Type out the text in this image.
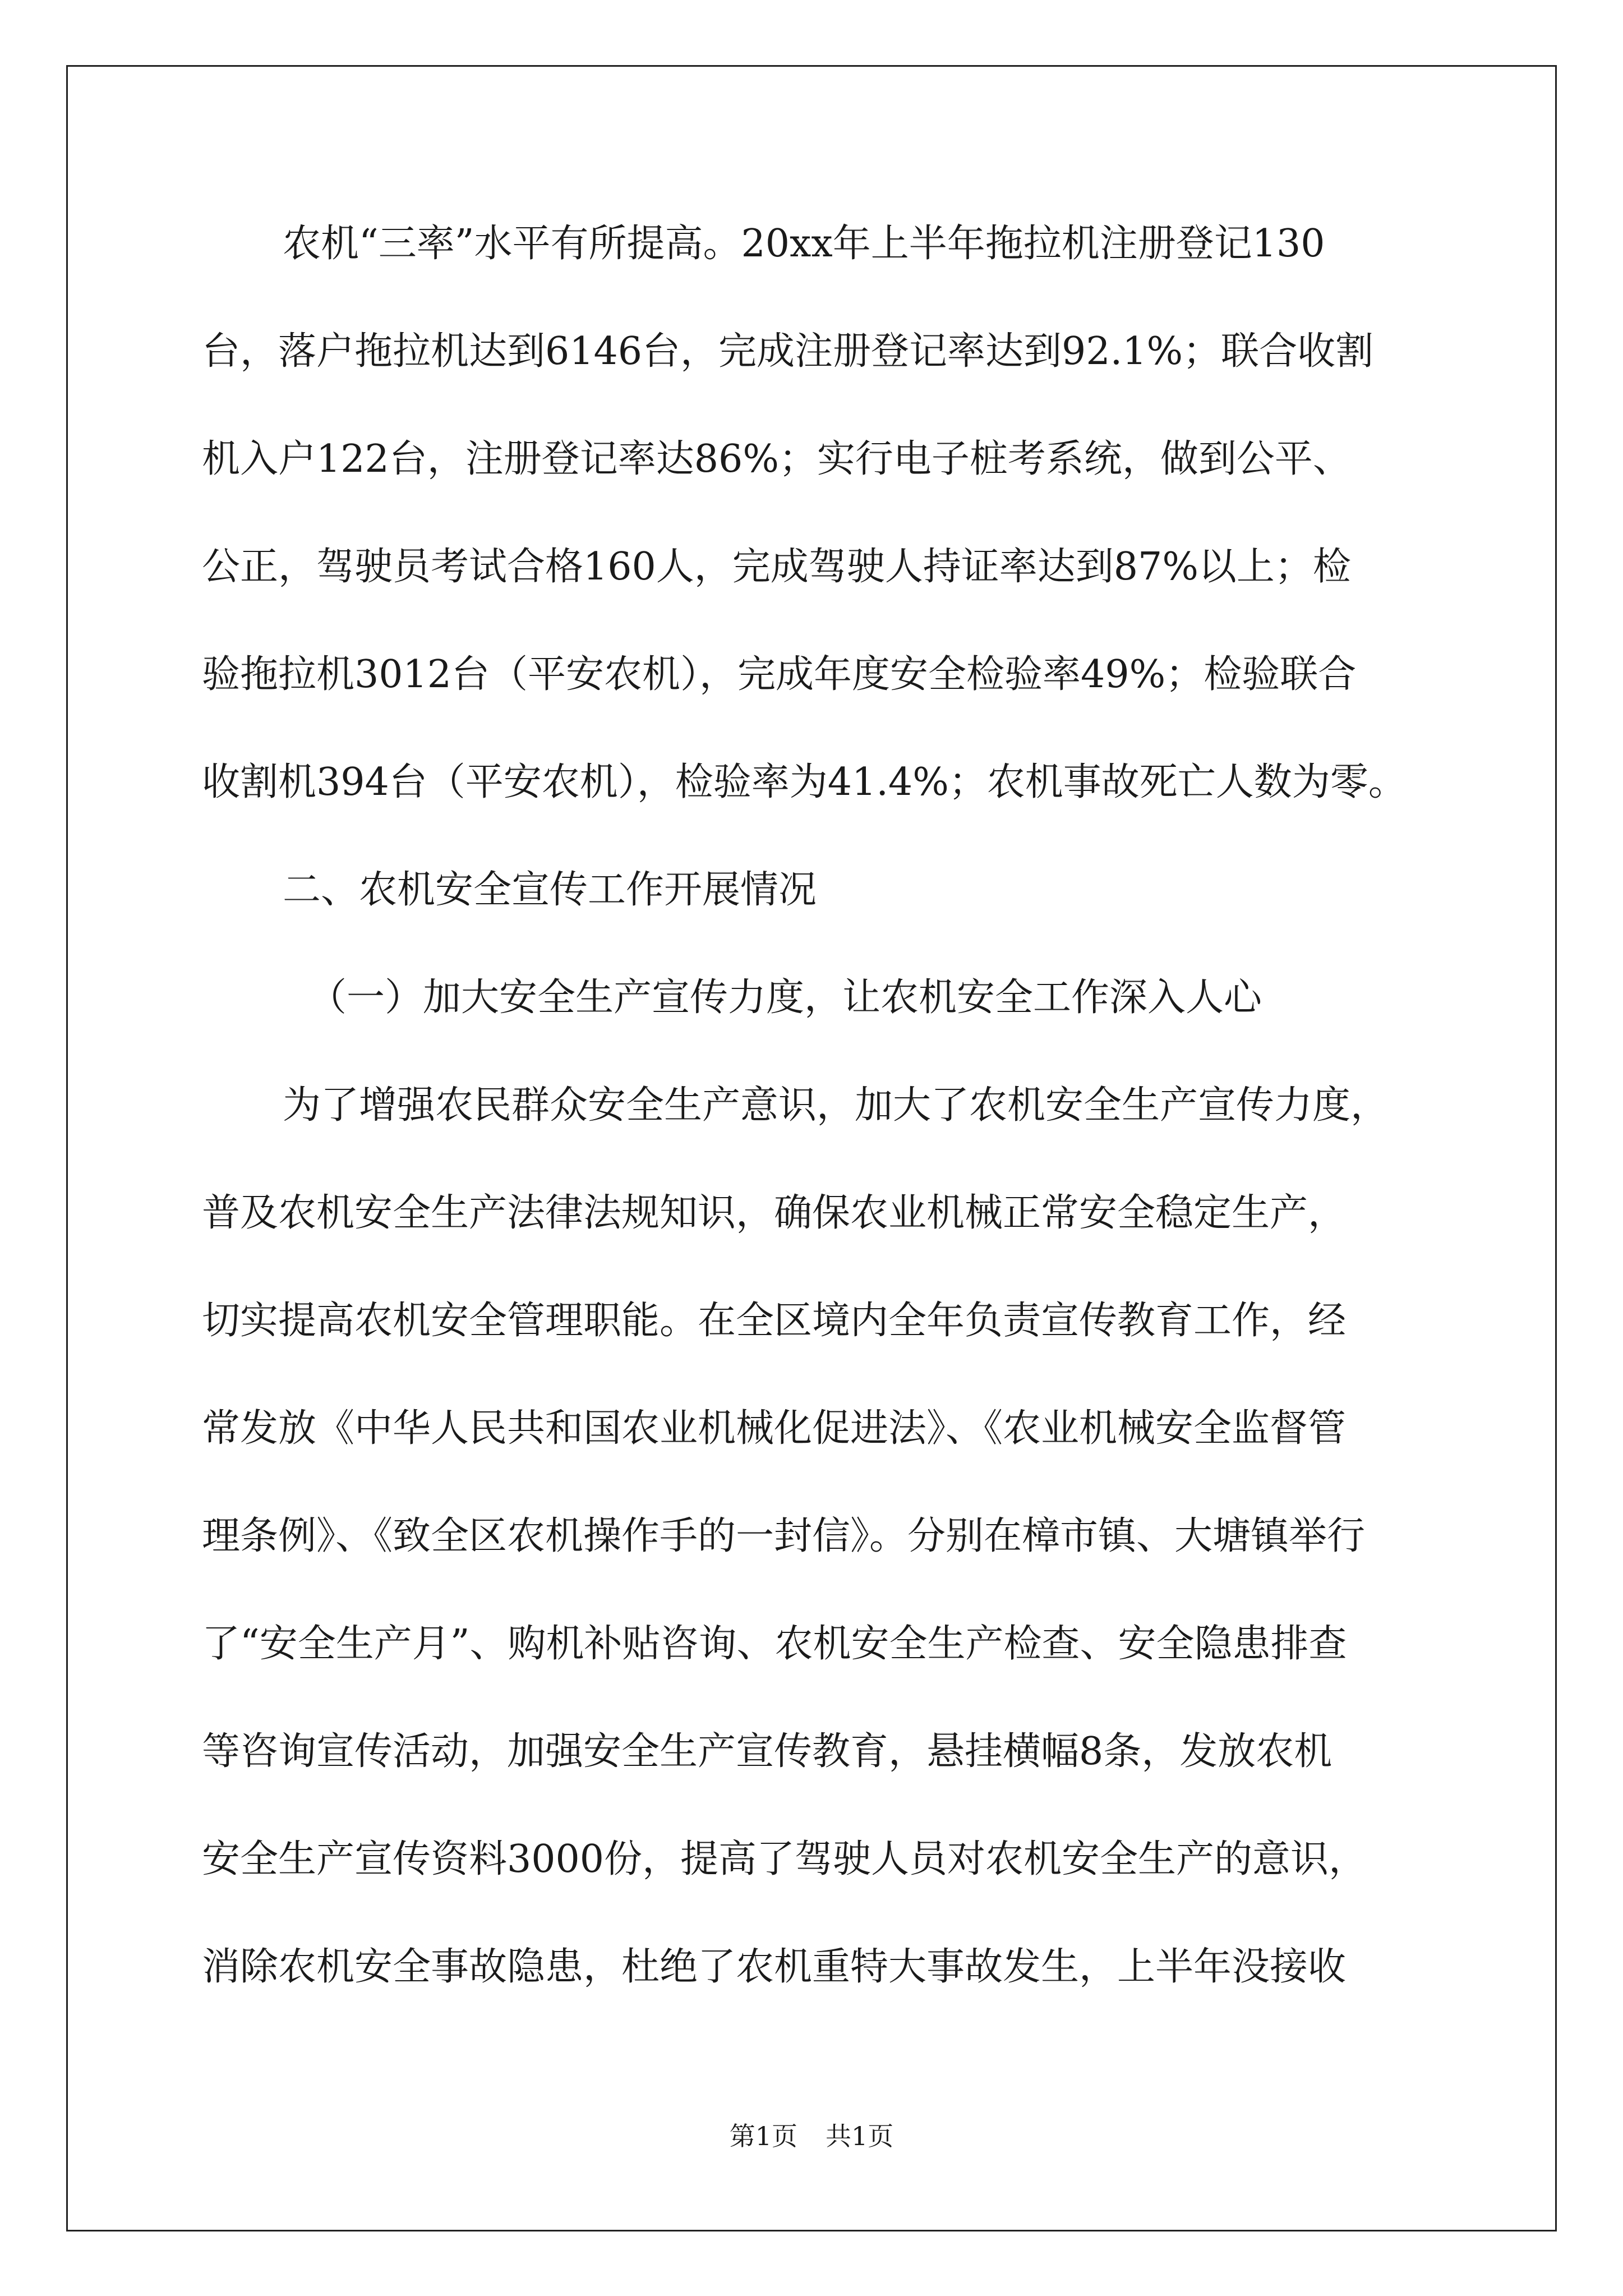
农机“三率”水平有所提高。20xx年上半年拖拉机注册登记130
台，落户拖拉机达到6146台，完成注册登记率达到92.1%；联合收割
机入户122台，注册登记率达86%；实行电子桩考系统，做到公平、
公正，驾驶员考试合格160人，完成驾驶人持证率达到87%以上；检
验拖拉机3012台（平安农机），完成年度安全检验率49%；检验联合
收割机394台（平安农机），检验率为41.4%；农机事故死亡人数为零。
二、农机安全宣传工作开展情况
（一）加大安全生产宣传力度，让农机安全工作深入人心
为了增强农民群众安全生产意识，加大了农机安全生产宣传力度，
普及农机安全生产法律法规知识，确保农业机械正常安全稳定生产，
切实提高农机安全管理职能。在全区境内全年负责宣传教育工作，经
常发放《中华人民共和国农业机械化促进法》、《农业机械安全监督管
理条例》、《致全区农机操作手的一封信》。分别在樟市镇、大塘镇举行
了“安全生产月”、购机补贴咨询、农机安全生产检查、安全隐患排查
等咨询宣传活动，加强安全生产宣传教育，悬挂横幅8条，发放农机
安全生产宣传资料3000份，提高了驾驶人员对农机安全生产的意识，
消除农机安全事故隐患，杜绝了农机重特大事故发生，上半年没接收
第1页 共1页
